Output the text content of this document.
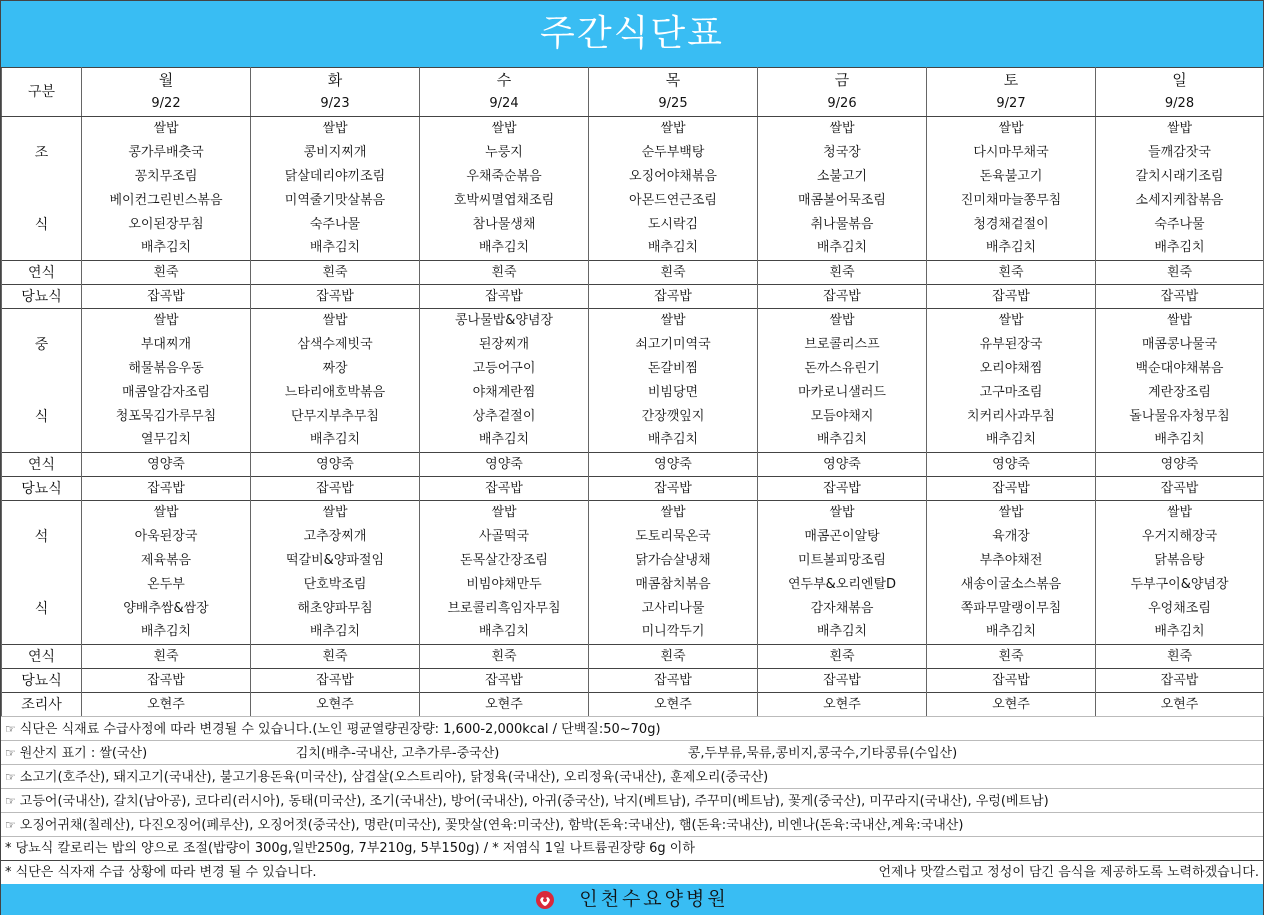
주간식단표
구분	월	화	수	목	금	토	일
	9/22	9/23	9/24	9/25	9/26	9/27	9/28
	쌀밥	쌀밥	쌀밥	쌀밥	쌀밥	쌀밥	쌀밥
조	콩가루배춧국	콩비지찌개	누룽지	순두부백탕	청국장	다시마무채국	들깨감잣국
	꽁치무조림	닭살데리야끼조림	우채죽순볶음	오징어야채볶음	소불고기	돈육불고기	갈치시래기조림
	베이컨그린빈스볶음	미역줄기맛살볶음	호박씨멸엽채조림	아몬드연근조림	매콤볼어묵조림	진미채마늘쫑무침	소세지케찹볶음
식	오이된장무침	숙주나물	참나물생채	도시락김	취나물볶음	청경채겉절이	숙주나물
	배추김치	배추김치	배추김치	배추김치	배추김치	배추김치	배추김치
연식	흰죽	흰죽	흰죽	흰죽	흰죽	흰죽	흰죽
당뇨식	잡곡밥	잡곡밥	잡곡밥	잡곡밥	잡곡밥	잡곡밥	잡곡밥
	쌀밥	쌀밥	콩나물밥&양념장	쌀밥	쌀밥	쌀밥	쌀밥
중	부대찌개	삼색수제빗국	된장찌개	쇠고기미역국	브로콜리스프	유부된장국	매콤콩나물국
	해물볶음우동	짜장	고등어구이	돈갈비찜	돈까스유린기	오리야채찜	백순대야채볶음
	매콤알감자조림	느타리애호박볶음	야채계란찜	비빔당면	마카로니샐러드	고구마조림	계란장조림
식	청포묵김가루무침	단무지부추무침	상추겉절이	간장깻잎지	모듬야채지	치커리사과무침	돌나물유자청무침
	열무김치	배추김치	배추김치	배추김치	배추김치	배추김치	배추김치
연식	영양죽	영양죽	영양죽	영양죽	영양죽	영양죽	영양죽
당뇨식	잡곡밥	잡곡밥	잡곡밥	잡곡밥	잡곡밥	잡곡밥	잡곡밥
	쌀밥	쌀밥	쌀밥	쌀밥	쌀밥	쌀밥	쌀밥
석	아욱된장국	고추장찌개	사골떡국	도토리묵온국	매콤곤이알탕	육개장	우거지해장국
	제육볶음	떡갈비&양파절임	돈목살간장조림	닭가슴살냉채	미트볼피망조림	부추야채전	닭볶음탕
	온두부	단호박조림	비빔야채만두	매콤참치볶음	연두부&오리엔탈D	새송이굴소스볶음	두부구이&양념장
식	양배추쌈&쌈장	해초양파무침	브로콜리흑임자무침	고사리나물	감자채볶음	쪽파무말랭이무침	우엉채조림
	배추김치	배추김치	배추김치	미니깍두기	배추김치	배추김치	배추김치
연식	흰죽	흰죽	흰죽	흰죽	흰죽	흰죽	흰죽
당뇨식	잡곡밥	잡곡밥	잡곡밥	잡곡밥	잡곡밥	잡곡밥	잡곡밥
조리사	오현주	오현주	오현주	오현주	오현주	오현주	오현주
☞ 식단은 식재료 수급사정에 따라 변경될 수 있습니다.(노인 평균열량권장량: 1,600-2,000kcal / 단백질:50~70g)
☞ 원산지 표기 : 쌀(국산)	김치(배추-국내산, 고추가루-중국산)	콩,두부류,묵류,콩비지,콩국수,기타콩류(수입산)
☞ 소고기(호주산), 돼지고기(국내산), 불고기용돈육(미국산), 삼겹살(오스트리아), 닭정육(국내산), 오리정육(국내산), 훈제오리(중국산)
☞ 고등어(국내산), 갈치(남아공), 코다리(러시아), 동태(미국산), 조기(국내산), 방어(국내산), 아귀(중국산), 낙지(베트남), 주꾸미(베트남), 꽃게(중국산), 미꾸라지(국내산), 우렁(베트남)
☞ 오징어귀채(칠레산), 다진오징어(페루산), 오징어젓(중국산), 명란(미국산), 꽃맛살(연육:미국산), 함박(돈육:국내산), 햄(돈육:국내산), 비엔나(돈육:국내산,계육:국내산)
* 당뇨식 칼로리는 밥의 양으로 조절(밥량이 300g,일반250g, 7부210g, 5부150g) / * 저염식 1일 나트륨권장량 6g 이하
* 식단은 식자재 수급 상황에 따라 변경 될 수 있습니다.	언제나 맛깔스럽고 정성이 담긴 음식을 제공하도록 노력하겠습니다.
인천수요양병원
